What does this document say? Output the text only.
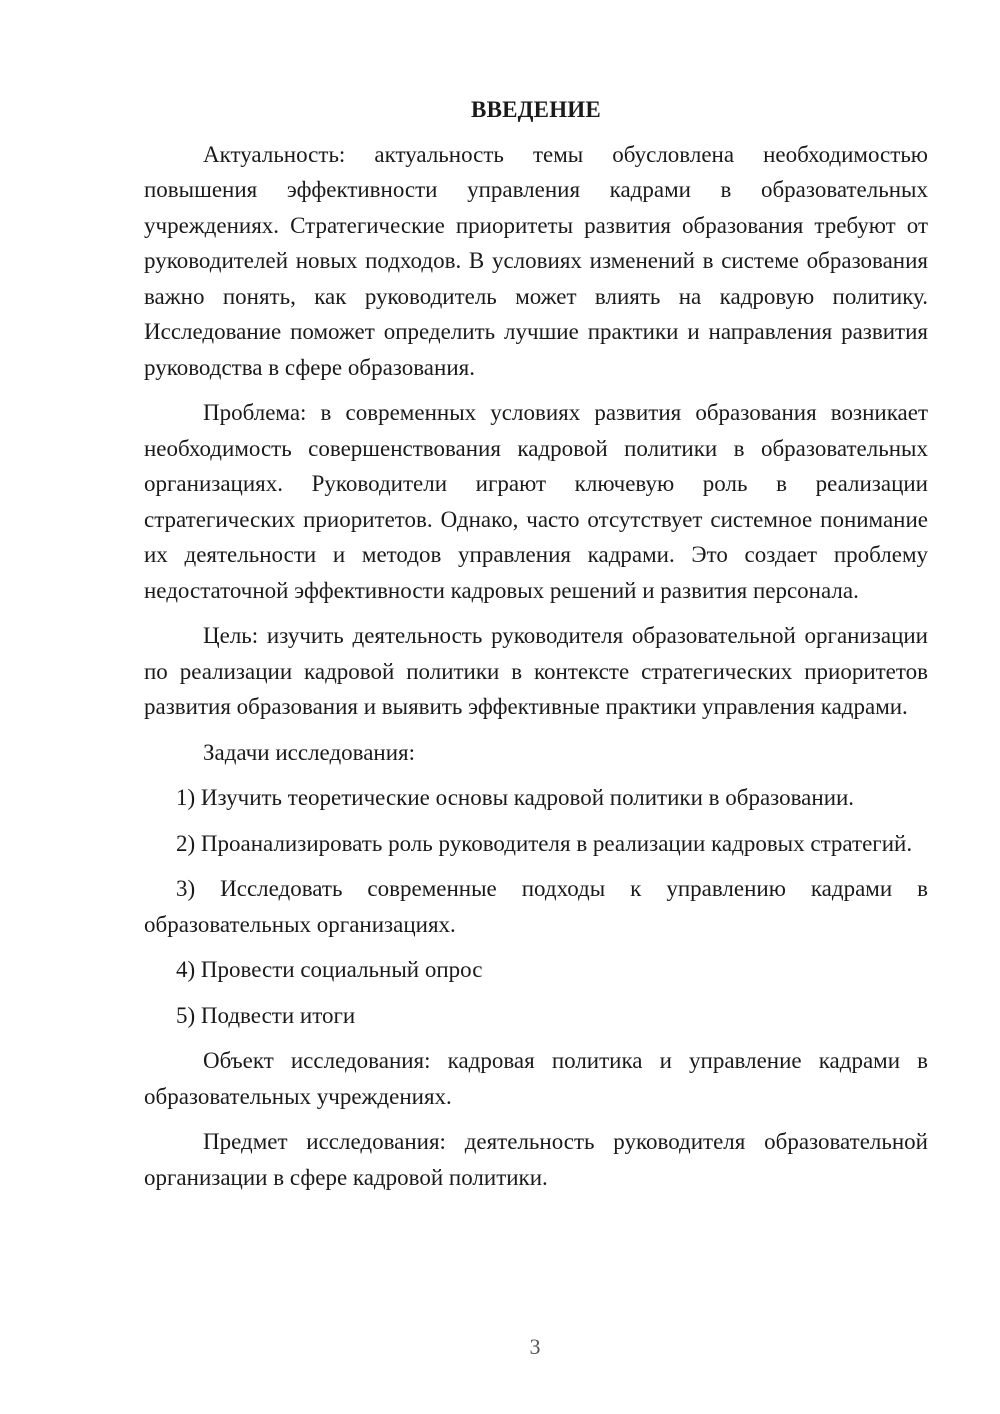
ВВЕДЕНИЕ

Актуальность: актуальность темы обусловлена необходимостью повышения эффективности управления кадрами в образовательных учреждениях. Стратегические приоритеты развития образования требуют от руководителей новых подходов. В условиях изменений в системе образования важно понять, как руководитель может влиять на кадровую политику. Исследование поможет определить лучшие практики и направления развития руководства в сфере образования.

Проблема: в современных условиях развития образования возникает необходимость совершенствования кадровой политики в образовательных организациях. Руководители играют ключевую роль в реализации стратегических приоритетов. Однако, часто отсутствует системное понимание их деятельности и методов управления кадрами. Это создает проблему недостаточной эффективности кадровых решений и развития персонала.

Цель: изучить деятельность руководителя образовательной организации по реализации кадровой политики в контексте стратегических приоритетов развития образования и выявить эффективные практики управления кадрами.

Задачи исследования:

1) Изучить теоретические основы кадровой политики в образовании.

2) Проанализировать роль руководителя в реализации кадровых стратегий.

3) Исследовать современные подходы к управлению кадрами в образовательных организациях.

4) Провести социальный опрос

5) Подвести итоги

Объект исследования: кадровая политика и управление кадрами в образовательных учреждениях.

Предмет исследования: деятельность руководителя образовательной организации в сфере кадровой политики.

3
